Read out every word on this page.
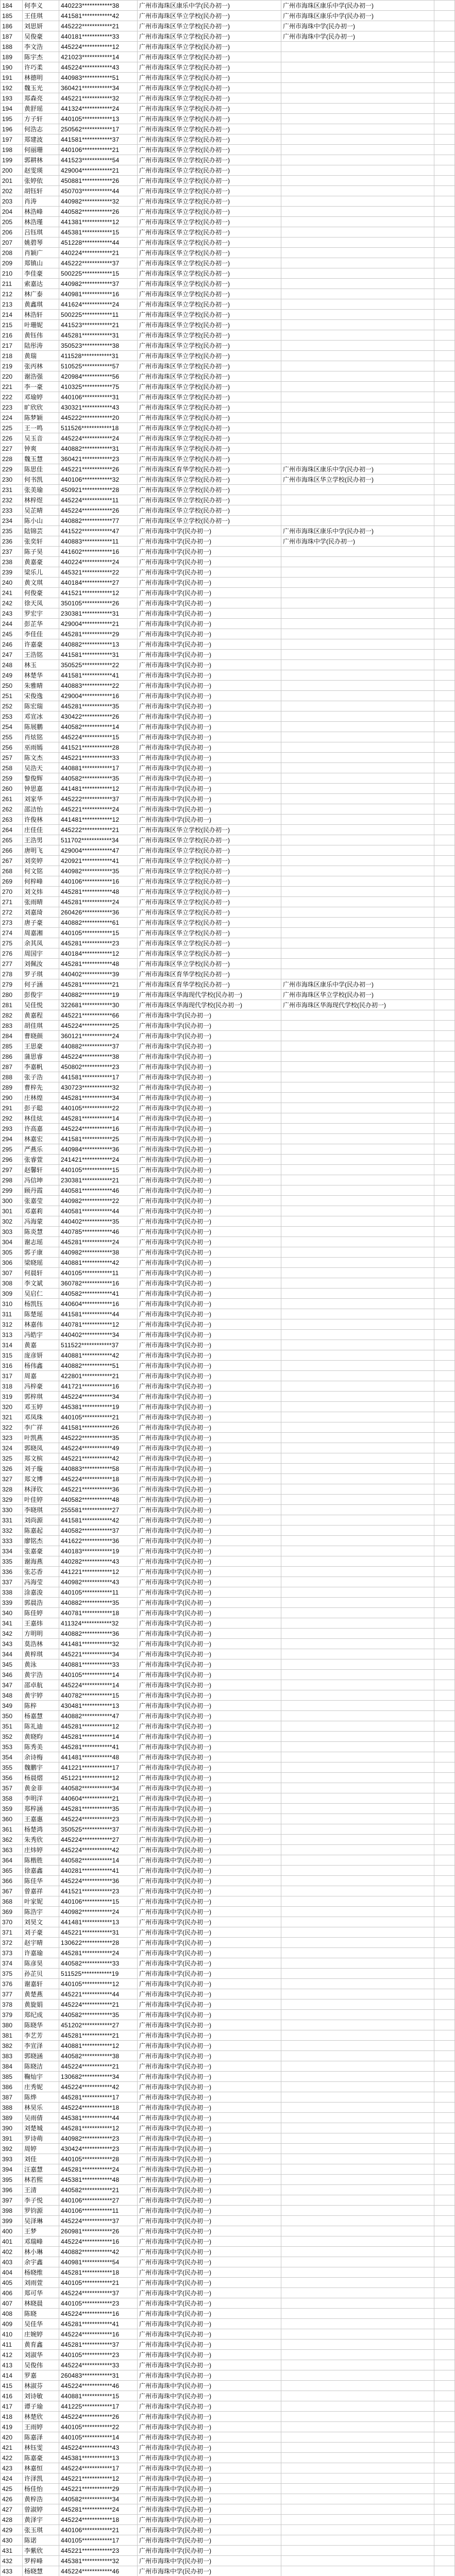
184	何李义	440223************38	广州市海珠区康乐中学(民办初一)	广州市海珠区康乐中学(民办初一)	
185	王佳琪	441581************42	广州市海珠区华立学校(民办初一)	广州市海珠区康乐中学(民办初一)	
186	刘思妍	445222************21	广州市海珠区华立学校(民办初一)	广州市海珠中学(民办初一)	
187	吴俊豪	440181************33	广州市海珠区华立学校(民办初一)	广州市海珠中学(民办初一)	
188	李文浩	445224************12	广州市海珠区华立学校(民办初一)		
189	陈宇杰	421023************14	广州市海珠区华立学校(民办初一)		
190	许巧柔	445224************43	广州市海珠区华立学校(民办初一)		
191	林德明	440983************51	广州市海珠区华立学校(民办初一)		
192	魏玉光	360421************34	广州市海珠区华立学校(民办初一)		
193	郑森亮	445221************32	广州市海珠区华立学校(民办初一)		
194	黄舒瑶	441324************24	广州市海珠区华立学校(民办初一)		
195	方子轩	440105************13	广州市海珠区华立学校(民办初一)		
196	何浩志	250562************17	广州市海珠区华立学校(民办初一)		
197	郑建波	441581************37	广州市海珠区华立学校(民办初一)		
198	何丽珊	440106************21	广州市海珠区华立学校(民办初一)		
199	郭耕林	441523************54	广州市海珠区华立学校(民办初一)		
200	赵雯瑛	429004************21	广州市海珠区华立学校(民办初一)		
201	张婷依	450881************26	广州市海珠区华立学校(民办初一)		
202	胡钰轩	450703************44	广州市海珠区华立学校(民办初一)		
203	肖涛	440982************32	广州市海珠区华立学校(民办初一)		
204	林浩峰	440582************26	广州市海珠区华立学校(民办初一)		
205	林浩瑾	441381************12	广州市海珠区华立学校(民办初一)		
206	吕钰琪	445381************15	广州市海珠区华立学校(民办初一)		
207	姚碧琴	451228************44	广州市海珠区华立学校(民办初一)		
208	肖颖广	440224************21	广州市海珠区华立学校(民办初一)		
209	郑镇山	445222************37	广州市海珠区华立学校(民办初一)		
210	李佳豪	500225************15	广州市海珠区华立学校(民办初一)		
211	索嘉达	440982************37	广州市海珠区华立学校(民办初一)		
212	林广泰	440981************16	广州市海珠区华立学校(民办初一)		
213	黄鑫琪	441624************24	广州市海珠区华立学校(民办初一)		
214	林浩轩	500225************11	广州市海珠区华立学校(民办初一)		
215	叶珊妮	441523************21	广州市海珠区华立学校(民办初一)		
216	黄钰伟	445281************31	广州市海珠区华立学校(民办初一)		
217	陆彤涛	350523************38	广州市海珠区华立学校(民办初一)		
218	黄瑞	411528************31	广州市海珠区华立学校(民办初一)		
219	张丙林	510525************57	广州市海珠区华立学校(民办初一)		
220	谢浩强	420984************56	广州市海珠区华立学校(民办初一)		
221	李一豪	410325************75	广州市海珠区华立学校(民办初一)		
222	邓瑜婷	440106************31	广州市海珠区华立学校(民办初一)		
223	旷欣欣	430321************43	广州市海珠区华立学校(民办初一)		
224	陈梦颖	445222************20	广州市海珠区华立学校(民办初一)		
225	王一鸣	511526************18	广州市海珠区华立学校(民办初一)		
226	吴玉音	445224************24	广州市海珠区华立学校(民办初一)		
227	钟爽	440882************31	广州市海珠区华立学校(民办初一)		
228	魏玉慧	360421************23	广州市海珠区华立学校(民办初一)		
229	陈思佳	445221************26	广州市海珠区育华学校(民办初一)	广州市海珠区康乐中学(民办初一)	
230	何书凯	440106************32	广州市海珠区华立学校(民办初一)	广州市海珠区华立学校(民办初一)	
231	张美瑜	450921************28	广州市海珠区华立学校(民办初一)		
232	林梓煜	445224************11	广州市海珠区华立学校(民办初一)		
233	吴芷晴	445224************26	广州市海珠区华立学校(民办初一)		
234	陈小山	440882************77	广州市海珠区华立学校(民办初一)		
235	陆锦芸	441522************47	广州市海珠中学(民办初一)	广州市海珠区康乐中学(民办初一)	
236	张奕轩	440883************11	广州市海珠中学(民办初一)	广州市海珠中学(民办初一)	
237	陈子昊	441602************16	广州市海珠中学(民办初一)		
238	黄嘉豪	440224************24	广州市海珠中学(民办初一)		
239	梁乐儿	445321************22	广州市海珠中学(民办初一)		
240	黄文琪	440184************27	广州市海珠中学(民办初一)		
241	何俊豪	441521************12	广州市海珠中学(民办初一)		
242	徐天凤	350105************26	广州市海珠中学(民办初一)		
243	罗宏宇	230381************31	广州市海珠中学(民办初一)		
244	彭芷华	429004************21	广州市海珠中学(民办初一)		
245	李佳佳	445281************29	广州市海珠中学(民办初一)		
246	许嘉豪	440882************13	广州市海珠中学(民办初一)		
247	王浩铭	441581************31	广州市海珠中学(民办初一)		
248	林玉	350525************22	广州市海珠中学(民办初一)		
249	林楚华	441581************41	广州市海珠中学(民办初一)		
250	朱雅晴	440883************22	广州市海珠中学(民办初一)		
251	宋俊逸	429004************16	广州市海珠中学(民办初一)		
252	陈宏瑞	445281************35	广州市海珠中学(民办初一)		
253	邓宣冰	430422************26	广州市海珠中学(民办初一)		
254	陈展鹏	440582************14	广州市海珠中学(民办初一)		
255	肖炫铭	445224************15	广州市海珠中学(民办初一)		
256	巫雨嫣	441521************28	广州市海珠中学(民办初一)		
257	陈文杰	445221************33	广州市海珠中学(民办初一)		
258	吴浩天	440881************17	广州市海珠中学(民办初一)		
259	黎俊辉	440582************35	广州市海珠中学(民办初一)		
260	钟思嘉	441481************12	广州市海珠中学(民办初一)		
261	刘家华	445222************37	广州市海珠中学(民办初一)		
262	邵洁怡	445221************24	广州市海珠中学(民办初一)		
263	许俊林	441481************12	广州市海珠中学(民办初一)		
264	庄佳佳	445222************21	广州市海珠区华立学校(民办初一)		
265	王浩男	511702************34	广州市海珠区华立学校(民办初一)		
266	唐明飞	429004************47	广州市海珠区华立学校(民办初一)		
267	刘奕婷	420921************41	广州市海珠区华立学校(民办初一)		
268	何文铭	440982************35	广州市海珠区华立学校(民办初一)		
269	何梓峰	440106************16	广州市海珠区华立学校(民办初一)		
270	刘文炜	445281************48	广州市海珠区华立学校(民办初一)		
271	张雨晴	445281************24	广州市海珠区华立学校(民办初一)		
272	刘嘉琦	260426************36	广州市海珠区华立学校(民办初一)		
273	唐子豪	440882************61	广州市海珠区华立学校(民办初一)		
274	周嘉湘	440105************15	广州市海珠区华立学校(民办初一)		
275	余其凤	445281************23	广州市海珠区华立学校(民办初一)		
276	周国宇	440184************12	广州市海珠区华立学校(民办初一)		
277	刘佩汝	445281************48	广州市海珠区华立学校(民办初一)		
278	罗子琪	440402************39	广州市海珠区育华学校(民办初一)		
279	何子涵	445281************21	广州市海珠区育华学校(民办初一)	广州市海珠区康乐中学(民办初一)	
280	彭俊宇	440882************19	广州市海珠区华海现代学校(民办初一)	广州市海珠区华立学校(民办初一)	
281	吴佳悦	322681************30	广州市海珠区华海现代学校(民办初一)	广州市海珠区华海现代学校(民办初一)	
282	黄嘉程	445221************66	广州市海珠中学(民办初一)		
283	胡佳琪	445224************25	广州市海珠中学(民办初一)		
284	曹晓颜	360121************24	广州市海珠中学(民办初一)		
285	王思豪	440882************37	广州市海珠中学(民办初一)		
286	蒲思睿	445224************38	广州市海珠中学(民办初一)		
287	李嘉帆	450802************23	广州市海珠中学(民办初一)		
288	张子浩	441581************17	广州市海珠中学(民办初一)		
289	曹梓先	430723************32	广州市海珠中学(民办初一)		
290	庄林煌	445281************34	广州市海珠中学(民办初一)		
291	彭子聪	440105************22	广州市海珠中学(民办初一)		
292	林佳炫	445281************14	广州市海珠中学(民办初一)		
293	许高嘉	445224************16	广州市海珠中学(民办初一)		
294	林嘉宏	441581************25	广州市海珠中学(民办初一)		
295	严燕乐	440984************36	广州市海珠中学(民办初一)		
296	张睿萱	241421************24	广州市海珠中学(民办初一)		
297	赵馨轩	440105************15	广州市海珠中学(民办初一)		
298	冯信坤	230381************21	广州市海珠中学(民办初一)		
299	顾丹霞	440581************46	广州市海珠中学(民办初一)		
300	张嘉莹	440982************22	广州市海珠中学(民办初一)		
301	邓嘉莉	440581************44	广州市海珠中学(民办初一)		
302	冯海蒙	440402************35	广州市海珠中学(民办初一)		
303	陈炎慧	440785************46	广州市海珠中学(民办初一)		
304	谢志瑶	445281************24	广州市海珠中学(民办初一)		
305	郭子康	440982************38	广州市海珠中学(民办初一)		
306	梁晓瑶	440881************42	广州市海珠中学(民办初一)		
307	何晨轩	440105************11	广州市海珠中学(民办初一)		
308	李文斌	360782************16	广州市海珠中学(民办初一)		
309	吴启仁	440582************41	广州市海珠中学(民办初一)		
310	杨凯钰	440604************16	广州市海珠中学(民办初一)		
311	陈楚瑶	441581************44	广州市海珠中学(民办初一)		
312	林嘉伟	440781************12	广州市海珠中学(民办初一)		
313	冯皓宇	440402************34	广州市海珠中学(民办初一)		
314	黄嘉	511522************37	广州市海珠中学(民办初一)		
315	庞彦妍	440881************42	广州市海珠中学(民办初一)		
316	杨伟鑫	440882************51	广州市海珠中学(民办初一)		
317	周嘉	422801************21	广州市海珠中学(民办初一)		
318	冯梓豪	441721************16	广州市海珠中学(民办初一)		
319	郭梓琪	445224************34	广州市海珠中学(民办初一)		
320	邓玉婷	445381************19	广州市海珠中学(民办初一)		
321	邓凤珠	440105************21	广州市海珠中学(民办初一)		
322	李广祥	441581************26	广州市海珠中学(民办初一)		
323	叶凯燕	445222************35	广州市海珠中学(民办初一)		
324	郭晓凤	445224************49	广州市海珠中学(民办初一)		
325	郑文槟	445221************42	广州市海珠中学(民办初一)		
326	刘子璇	440883************58	广州市海珠中学(民办初一)		
327	郑文博	445224************18	广州市海珠中学(民办初一)		
328	林泽钦	445221************36	广州市海珠中学(民办初一)		
329	叶佳婷	440582************48	广州市海珠中学(民办初一)		
330	李晓琪	255581************27	广州市海珠中学(民办初一)		
331	刘尚源	441581************42	广州市海珠中学(民办初一)		
332	陈嘉起	440582************37	广州市海珠中学(民办初一)		
333	廖铭杰	441622************36	广州市海珠中学(民办初一)		
334	张嘉豪	440183************19	广州市海珠中学(民办初一)		
335	谢海燕	440282************43	广州市海珠中学(民办初一)		
336	张芯香	441221************12	广州市海珠中学(民办初一)		
337	冯海莹	440982************43	广州市海珠中学(民办初一)		
338	涂嘉浚	440105************11	广州市海珠中学(民办初一)		
339	郭晨浩	440882************35	广州市海珠中学(民办初一)		
340	陈佳婷	440781************18	广州市海珠中学(民办初一)		
341	王嘉炜	411324************32	广州市海珠中学(民办初一)		
342	方明明	440882************36	广州市海珠中学(民办初一)		
343	莫浩林	441481************32	广州市海珠中学(民办初一)		
344	黄梓琪	445221************34	广州市海珠中学(民办初一)		
345	黄泳	440881************33	广州市海珠中学(民办初一)		
346	黄宇浩	440105************14	广州市海珠中学(民办初一)		
347	邵卓航	445224************14	广州市海珠中学(民办初一)		
348	黄宇婷	440782************15	广州市海珠中学(民办初一)		
349	陈梓	430481************13	广州市海珠中学(民办初一)		
350	杨嘉慧	440882************47	广州市海珠中学(民办初一)		
351	陈礼迪	445281************12	广州市海珠中学(民办初一)		
352	黄晓昀	445281************14	广州市海珠中学(民办初一)		
353	陈秀美	445281************41	广州市海珠中学(民办初一)		
354	余诗梅	441481************48	广州市海珠中学(民办初一)		
355	魏鹏宇	441221************17	广州市海珠中学(民办初一)		
356	杨晨熠	451221************12	广州市海珠中学(民办初一)		
357	黄金菲	440582************34	广州市海珠中学(民办初一)		
358	李明洋	440604************21	广州市海珠中学(民办初一)		
359	郑梓涵	445281************35	广州市海珠中学(民办初一)		
360	王嘉惠	445224************23	广州市海珠中学(民办初一)		
361	杨楚鸿	350525************37	广州市海珠中学(民办初一)		
362	朱秀欣	445224************27	广州市海珠中学(民办初一)		
363	庄炜婷	445224************42	广州市海珠中学(民办初一)		
364	陈楷胜	440582************14	广州市海珠中学(民办初一)		
365	徐嘉鑫	440281************41	广州市海珠中学(民办初一)		
366	陈佳华	445224************36	广州市海珠中学(民办初一)		
367	曾嘉祥	441521************23	广州市海珠中学(民办初一)		
368	叶家妮	440106************15	广州市海珠中学(民办初一)		
369	陈浩宇	440982************24	广州市海珠中学(民办初一)		
370	刘昊文	441481************13	广州市海珠中学(民办初一)		
371	刘子豪	445221************31	广州市海珠中学(民办初一)		
372	赵宇晴	130622************28	广州市海珠中学(民办初一)		
373	许嘉瑜	445281************24	广州市海珠中学(民办初一)		
374	陈彦昊	440582************33	广州市海珠中学(民办初一)		
375	孙芷贝	511525************19	广州市海珠中学(民办初一)		
376	谢嘉轩	440105************12	广州市海珠中学(民办初一)		
377	黄楚燕	445221************44	广州市海珠中学(民办初一)		
378	黄旋娟	445224************21	广州市海珠中学(民办初一)		
379	郑纪成	440582************35	广州市海珠中学(民办初一)		
380	陈晓华	451202************27	广州市海珠中学(民办初一)		
381	李艺芳	445281************21	广州市海珠中学(民办初一)		
382	李宣泽	440881************12	广州市海珠中学(民办初一)		
383	郭晓涵	440582************38	广州市海珠中学(民办初一)		
384	陈晓洁	445224************21	广州市海珠中学(民办初一)		
385	鞠灿宇	130682************34	广州市海珠中学(民办初一)		
386	庄秀妮	445224************42	广州市海珠中学(民办初一)		
387	陈烨	445281************17	广州市海珠中学(民办初一)		
388	林昊乐	445224************18	广州市海珠中学(民办初一)		
389	吴雨倩	445381************44	广州市海珠中学(民办初一)		
390	刘楚城	445281************12	广州市海珠中学(民办初一)		
391	罗诗萌	440982************23	广州市海珠中学(民办初一)		
392	周婷	430424************23	广州市海珠中学(民办初一)		
393	刘佳	440105************28	广州市海珠中学(民办初一)		
394	汪嘉慧	445281************24	广州市海珠中学(民办初一)		
395	林若熙	445381************48	广州市海珠中学(民办初一)		
396	王清	440582************21	广州市海珠中学(民办初一)		
397	李子悦	440106************27	广州市海珠中学(民办初一)		
398	罗钧源	440106************11	广州市海珠中学(民办初一)		
399	吴泽琳	445224************37	广州市海珠中学(民办初一)		
400	王梦	260981************26	广州市海珠中学(民办初一)		
401	邓瑞峰	445224************16	广州市海珠中学(民办初一)		
402	林小琳	440882************42	广州市海珠中学(民办初一)		
403	余宇鑫	440981************54	广州市海珠中学(民办初一)		
404	杨晓维	445281************18	广州市海珠中学(民办初一)		
405	刘雨萱	440105************21	广州市海珠中学(民办初一)		
406	郑可华	445224************37	广州市海珠中学(民办初一)		
407	林晓晨	440105************23	广州市海珠中学(民办初一)		
408	陈晓	445224************16	广州市海珠中学(民办初一)		
409	吴佳华	445281************41	广州市海珠中学(民办初一)		
410	庄婉婷	445224************16	广州市海珠中学(民办初一)		
411	黄育鑫	445281************37	广州市海珠中学(民办初一)		
412	刘淑华	440105************23	广州市海珠中学(民办初一)		
413	吴俊伟	445224************33	广州市海珠中学(民办初一)		
414	罗嘉	260483************31	广州市海珠中学(民办初一)		
415	林淑芬	445224************46	广州市海珠中学(民办初一)		
416	刘诗敏	440881************15	广州市海珠中学(民办初一)		
417	谭子瑜	441225************17	广州市海珠中学(民办初一)		
418	林楚欣	445224************26	广州市海珠中学(民办初一)		
419	王雨婷	440105************22	广州市海珠中学(民办初一)		
420	陈嘉泽	440105************14	广州市海珠中学(民办初一)		
421	林钰雯	445224************43	广州市海珠中学(民办初一)		
422	陈嘉豪	445381************13	广州市海珠中学(民办初一)		
423	林嘉恒	445224************17	广州市海珠中学(民办初一)		
424	许泽凯	445221************12	广州市海珠中学(民办初一)		
425	杨佳怡	445221************29	广州市海珠中学(民办初一)		
426	黄梓浩	440582************34	广州市海珠中学(民办初一)		
427	曾淑婷	445281************24	广州市海珠中学(民办初一)		
428	黄泽宇	445224************18	广州市海珠中学(民办初一)		
429	张玉琪	440106************21	广州市海珠中学(民办初一)		
430	陈诺	440105************17	广州市海珠中学(民办初一)		
431	李紫欣	445221************23	广州市海珠中学(民办初一)		
432	罗梓峰	445381************32	广州市海珠中学(民办初一)		
433	杨晓慧	445224************46	广州市海珠中学(民办初一)		
